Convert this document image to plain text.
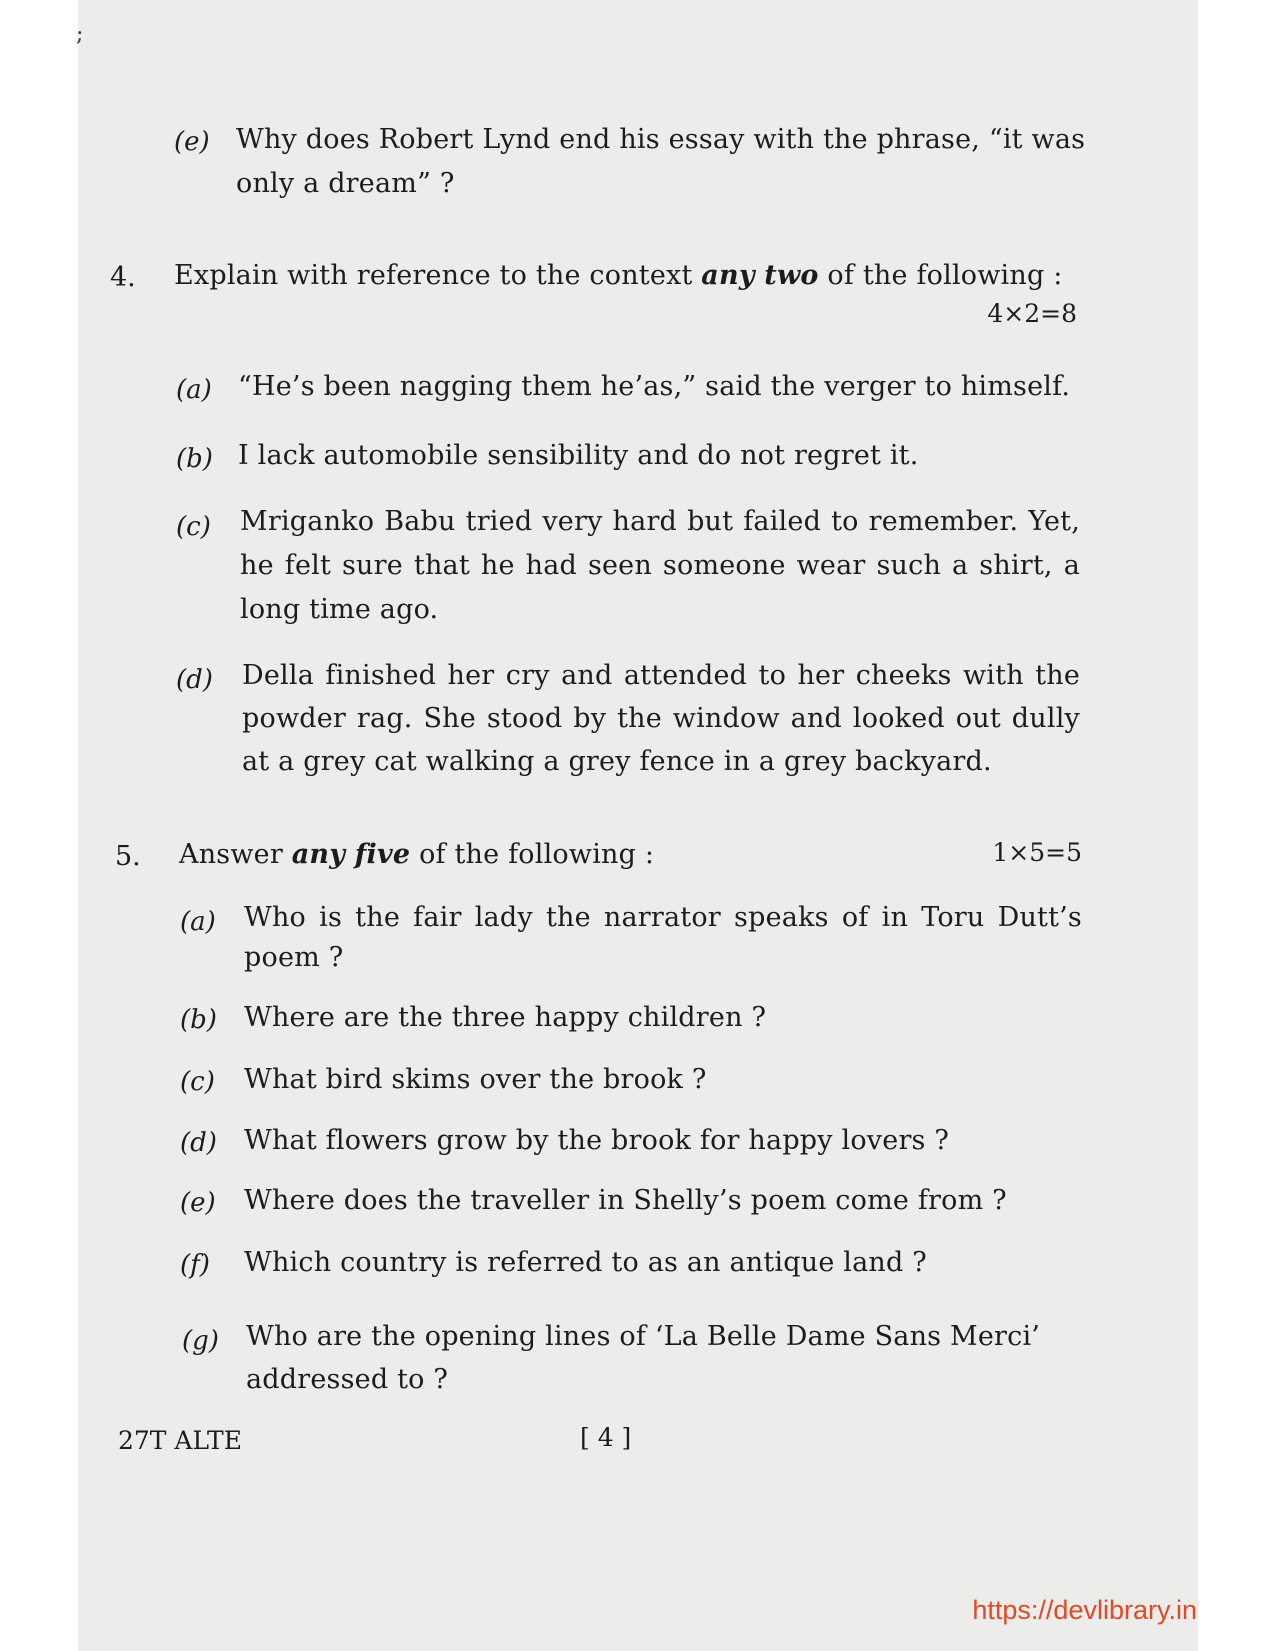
;
(e) Why does Robert Lynd end his essay with the phrase, “it was
only a dream” ?
4. Explain with reference to the context any two of the following :
4×2=8
(a) “He’s been nagging them he’as,” said the verger to himself.
(b) I lack automobile sensibility and do not regret it.
(c) Mriganko Babu tried very hard but failed to remember. Yet,
he felt sure that he had seen someone wear such a shirt, a
long time ago.
(d) Della finished her cry and attended to her cheeks with the
powder rag. She stood by the window and looked out dully
at a grey cat walking a grey fence in a grey backyard.
5. Answer any five of the following :	1×5=5
(a) Who is the fair lady the narrator speaks of in Toru Dutt’s
poem ?
(b) Where are the three happy children ?
(c) What bird skims over the brook ?
(d) What flowers grow by the brook for happy lovers ?
(e) Where does the traveller in Shelly’s poem come from ?
(f) Which country is referred to as an antique land ?
(g) Who are the opening lines of ‘La Belle Dame Sans Merci’
addressed to ?
27T ALTE	[ 4 ]
https://devlibrary.in
